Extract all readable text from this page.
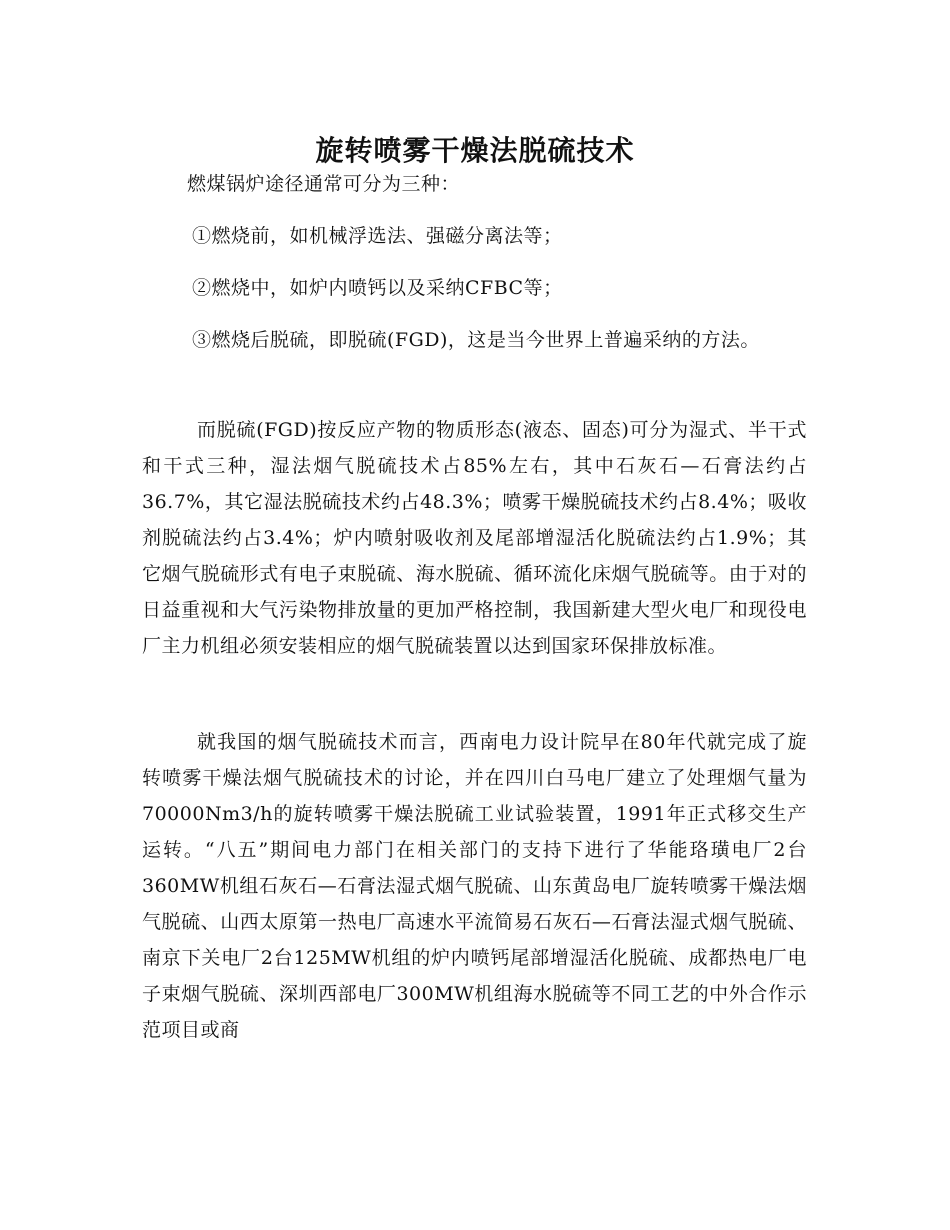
旋转喷雾干燥法脱硫技术

燃煤锅炉途径通常可分为三种：

①燃烧前，如机械浮选法、强磁分离法等；

②燃烧中，如炉内喷钙以及采纳CFBC等；

③燃烧后脱硫，即脱硫(FGD)，这是当今世界上普遍采纳的方法。

而脱硫(FGD)按反应产物的物质形态(液态、固态)可分为湿式、半干式和干式三种，湿法烟气脱硫技术占85%左右，其中石灰石—石膏法约占36.7%，其它湿法脱硫技术约占48.3%；喷雾干燥脱硫技术约占8.4%；吸收剂脱硫法约占3.4%；炉内喷射吸收剂及尾部增湿活化脱硫法约占1.9%；其它烟气脱硫形式有电子束脱硫、海水脱硫、循环流化床烟气脱硫等。由于对的日益重视和大气污染物排放量的更加严格控制，我国新建大型火电厂和现役电厂主力机组必须安装相应的烟气脱硫装置以达到国家环保排放标准。

就我国的烟气脱硫技术而言，西南电力设计院早在80年代就完成了旋转喷雾干燥法烟气脱硫技术的讨论，并在四川白马电厂建立了处理烟气量为70000Nm3/h的旋转喷雾干燥法脱硫工业试验装置，1991年正式移交生产运转。“八五”期间电力部门在相关部门的支持下进行了华能珞璜电厂2台360MW机组石灰石—石膏法湿式烟气脱硫、山东黄岛电厂旋转喷雾干燥法烟气脱硫、山西太原第一热电厂高速水平流简易石灰石—石膏法湿式烟气脱硫、南京下关电厂2台125MW机组的炉内喷钙尾部增湿活化脱硫、成都热电厂电子束烟气脱硫、深圳西部电厂300MW机组海水脱硫等不同工艺的中外合作示范项目或商
